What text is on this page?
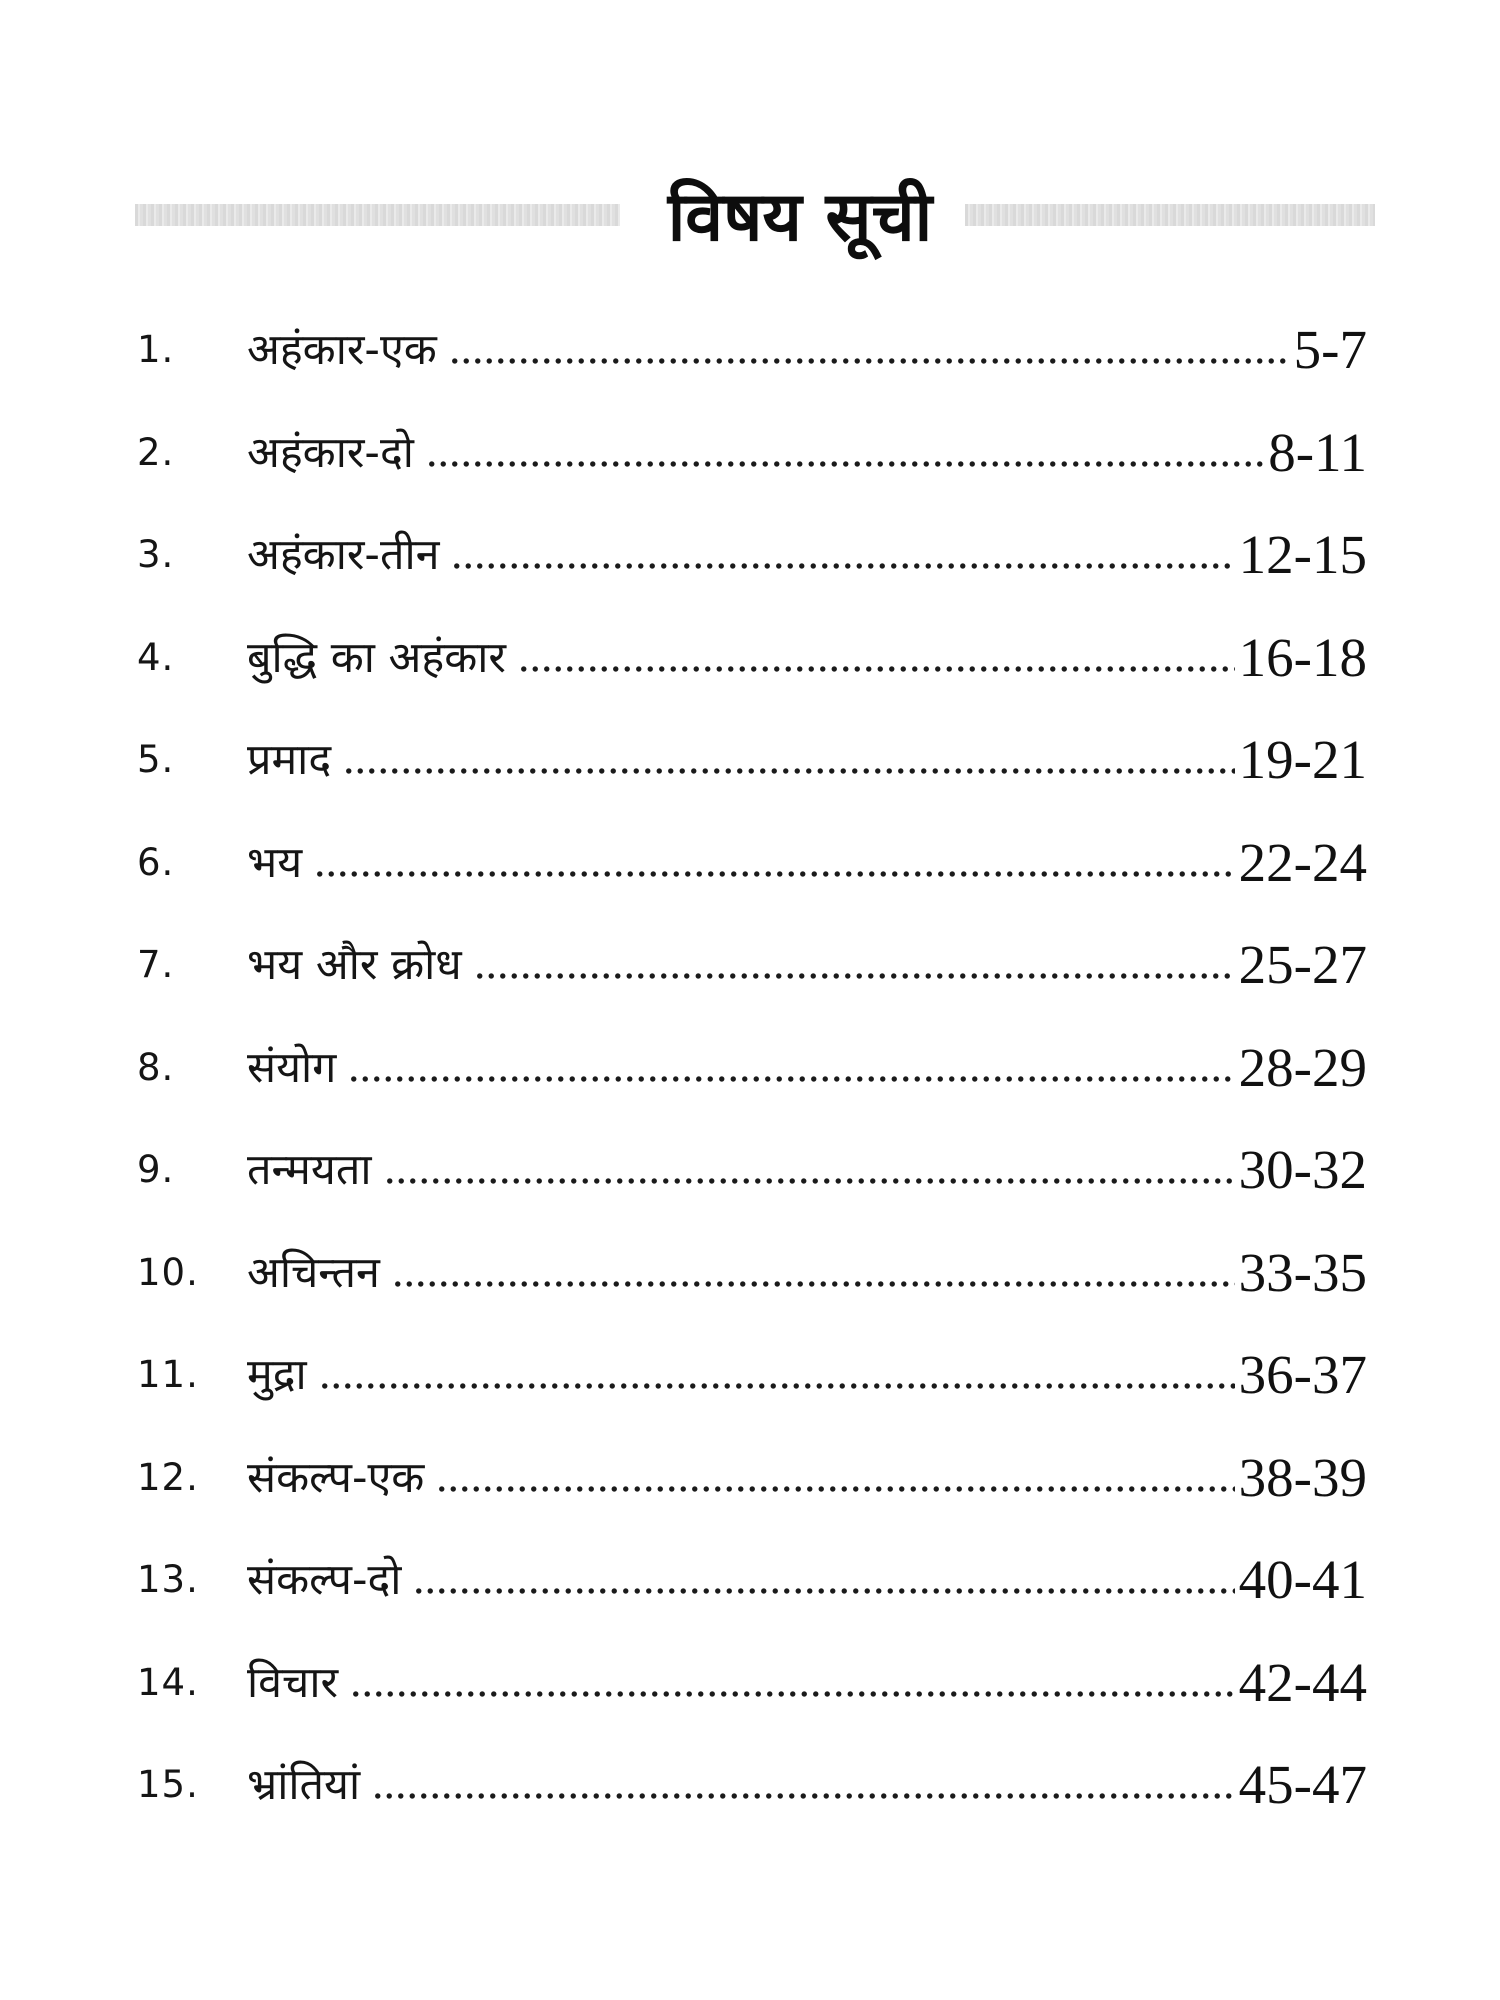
विषय सूची
1.	अहंकार-एक	5-7
2.	अहंकार-दो	8-11
3.	अहंकार-तीन	12-15
4.	बुद्धि का अहंकार	16-18
5.	प्रमाद	19-21
6.	भय	22-24
7.	भय और क्रोध	25-27
8.	संयोग	28-29
9.	तन्मयता	30-32
10.	अचिन्तन	33-35
11.	मुद्रा	36-37
12.	संकल्प-एक	38-39
13.	संकल्प-दो	40-41
14.	विचार	42-44
15.	भ्रांतियां	45-47
